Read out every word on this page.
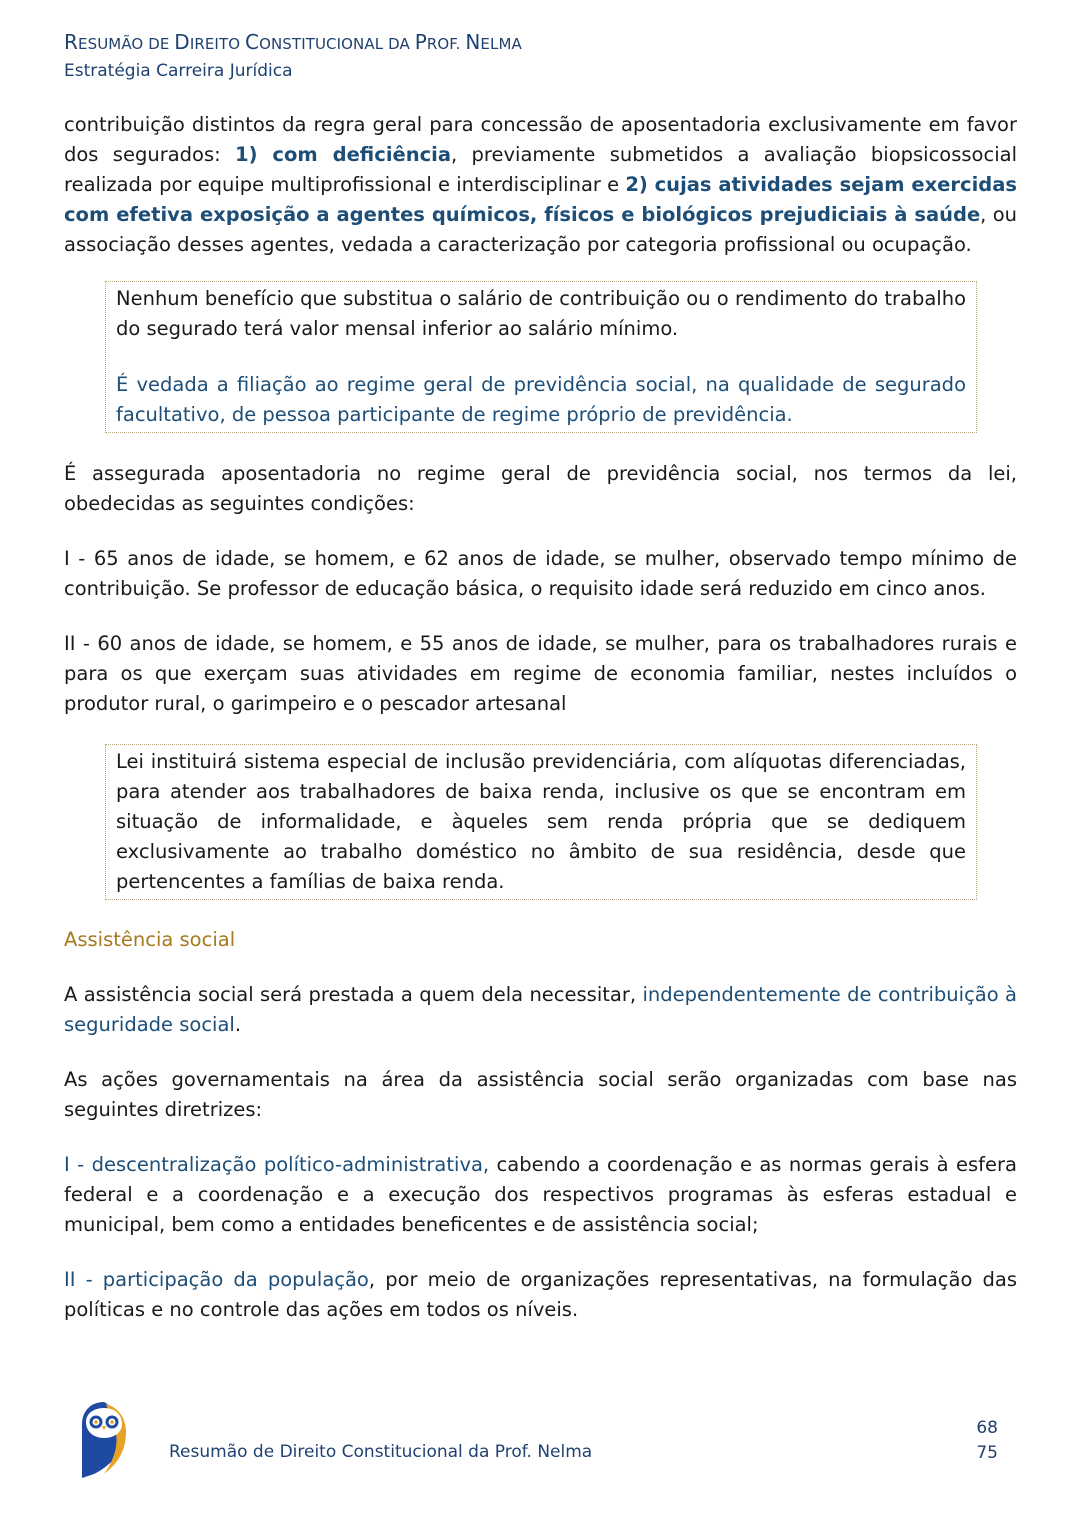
RESUMÃO DE DIREITO CONSTITUCIONAL DA PROF. NELMA
Estratégia Carreira Jurídica

contribuição distintos da regra geral para concessão de aposentadoria exclusivamente em favor dos segurados: 1) com deficiência, previamente submetidos a avaliação biopsicossocial realizada por equipe multiprofissional e interdisciplinar e 2) cujas atividades sejam exercidas com efetiva exposição a agentes químicos, físicos e biológicos prejudiciais à saúde, ou associação desses agentes, vedada a caracterização por categoria profissional ou ocupação.

Nenhum benefício que substitua o salário de contribuição ou o rendimento do trabalho do segurado terá valor mensal inferior ao salário mínimo.

É vedada a filiação ao regime geral de previdência social, na qualidade de segurado facultativo, de pessoa participante de regime próprio de previdência.

É assegurada aposentadoria no regime geral de previdência social, nos termos da lei, obedecidas as seguintes condições:

I - 65 anos de idade, se homem, e 62 anos de idade, se mulher, observado tempo mínimo de contribuição. Se professor de educação básica, o requisito idade será reduzido em cinco anos.

II - 60 anos de idade, se homem, e 55 anos de idade, se mulher, para os trabalhadores rurais e para os que exerçam suas atividades em regime de economia familiar, nestes incluídos o produtor rural, o garimpeiro e o pescador artesanal

Lei instituirá sistema especial de inclusão previdenciária, com alíquotas diferenciadas, para atender aos trabalhadores de baixa renda, inclusive os que se encontram em situação de informalidade, e àqueles sem renda própria que se dediquem exclusivamente ao trabalho doméstico no âmbito de sua residência, desde que pertencentes a famílias de baixa renda.

Assistência social

A assistência social será prestada a quem dela necessitar, independentemente de contribuição à seguridade social.

As ações governamentais na área da assistência social serão organizadas com base nas seguintes diretrizes:

I - descentralização político-administrativa, cabendo a coordenação e as normas gerais à esfera federal e a coordenação e a execução dos respectivos programas às esferas estadual e municipal, bem como a entidades beneficentes e de assistência social;

II - participação da população, por meio de organizações representativas, na formulação das políticas e no controle das ações em todos os níveis.

Resumão de Direito Constitucional da Prof. Nelma
68
75
